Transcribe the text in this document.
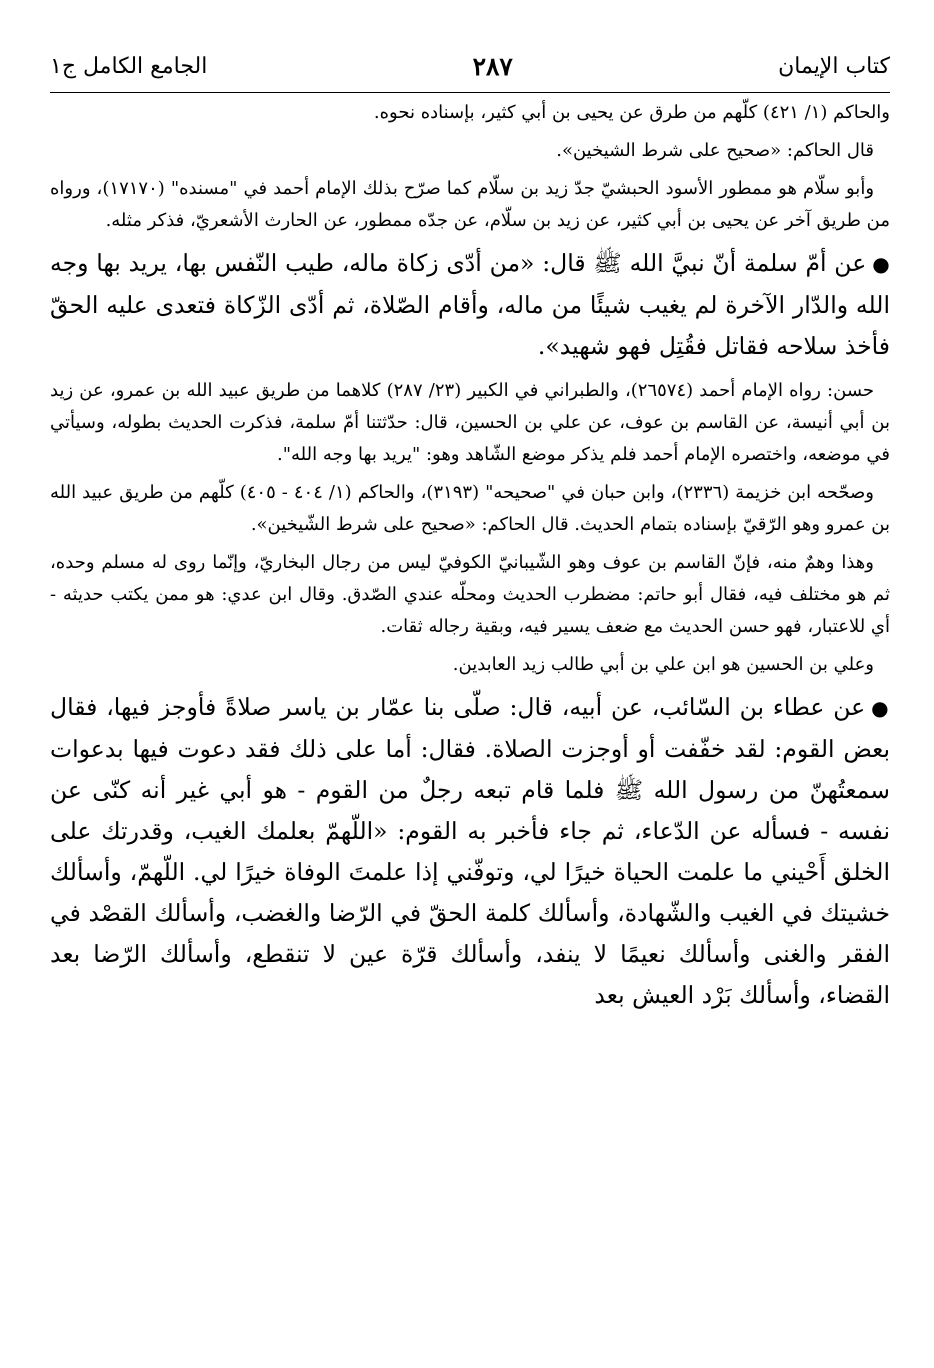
كتاب الإيمان
٢٨٧
الجامع الكامل ج١

والحاكم (١/ ٤٢١) كلّهم من طرق عن يحيى بن أبي كثير، بإسناده نحوه.

قال الحاكم: «صحيح على شرط الشيخين».

وأبو سلّام هو ممطور الأسود الحبشيّ جدّ زيد بن سلّام كما صرّح بذلك الإمام أحمد في "مسنده" (١٧١٧٠)، ورواه من طريق آخر عن يحيى بن أبي كثير، عن زيد بن سلّام، عن جدّه ممطور، عن الحارث الأشعريّ، فذكر مثله.

●عن أمّ سلمة أنّ نبيَّ الله ﷺ قال: «من أدّى زكاة ماله، طيب النّفس بها، يريد بها وجه الله والدّار الآخرة لم يغيب شيئًا من ماله، وأقام الصّلاة، ثم أدّى الزّكاة فتعدى عليه الحقّ فأخذ سلاحه فقاتل فقُتِل فهو شهيد».

حسن: رواه الإمام أحمد (٢٦٥٧٤)، والطبراني في الكبير (٢٣/ ٢٨٧) كلاهما من طريق عبيد الله بن عمرو، عن زيد بن أبي أنيسة، عن القاسم بن عوف، عن علي بن الحسين، قال: حدّثتنا أمّ سلمة، فذكرت الحديث بطوله، وسيأتي في موضعه، واختصره الإمام أحمد فلم يذكر موضع الشّاهد وهو: "يريد بها وجه الله".

وصحّحه ابن خزيمة (٢٣٣٦)، وابن حبان في "صحيحه" (٣١٩٣)، والحاكم (١/ ٤٠٤ - ٤٠٥) كلّهم من طريق عبيد الله بن عمرو وهو الرّقيّ بإسناده بتمام الحديث. قال الحاكم: «صحيح على شرط الشّيخين».

وهذا وهمٌ منه، فإنّ القاسم بن عوف وهو الشّيبانيّ الكوفيّ ليس من رجال البخاريّ، وإنّما روى له مسلم وحده، ثم هو مختلف فيه، فقال أبو حاتم: مضطرب الحديث ومحلّه عندي الصّدق. وقال ابن عدي: هو ممن يكتب حديثه - أي للاعتبار، فهو حسن الحديث مع ضعف يسير فيه، وبقية رجاله ثقات.

وعلي بن الحسين هو ابن علي بن أبي طالب زيد العابدين.

●عن عطاء بن السّائب، عن أبيه، قال: صلّى بنا عمّار بن ياسر صلاةً فأوجز فيها، فقال بعض القوم: لقد خفّفت أو أوجزت الصلاة. فقال: أما على ذلك فقد دعوت فيها بدعوات سمعتُهنّ من رسول الله ﷺ فلما قام تبعه رجلٌ من القوم - هو أبي غير أنه كنّى عن نفسه - فسأله عن الدّعاء، ثم جاء فأخبر به القوم: «اللّهمّ بعلمك الغيب، وقدرتك على الخلق أَحْيني ما علمت الحياة خيرًا لي، وتوفّني إذا علمتَ الوفاة خيرًا لي. اللّهمّ، وأسألك خشيتك في الغيب والشّهادة، وأسألك كلمة الحقّ في الرّضا والغضب، وأسألك القصْد في الفقر والغنى وأسألك نعيمًا لا ينفد، وأسألك قرّة عين لا تنقطع، وأسألك الرّضا بعد القضاء، وأسألك بَرْد العيش بعد
